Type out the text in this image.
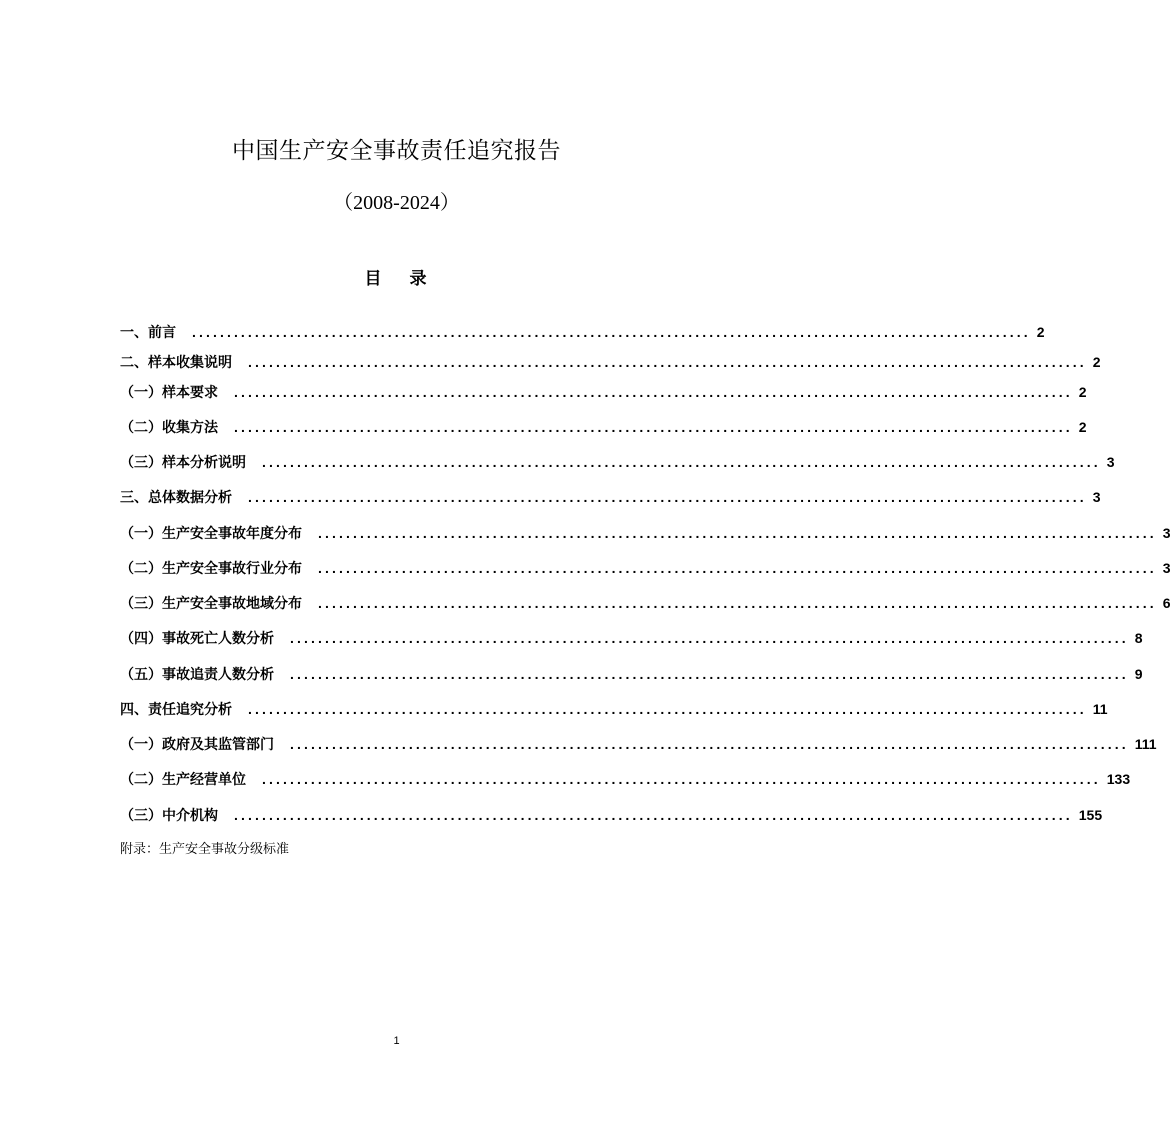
中国生产安全事故责任追究报告
（2008-2024）
目 录
一、前言 ........................................................................................................................ 2
二、样本收集说明 ........................................................................................................................ 2
（一）样本要求 ........................................................................................................................ 2
（二）收集方法 ........................................................................................................................ 2
（三）样本分析说明 ........................................................................................................................ 3
三、总体数据分析 ........................................................................................................................ 3
（一）生产安全事故年度分布 ........................................................................................................................ 3
（二）生产安全事故行业分布 ........................................................................................................................ 3
（三）生产安全事故地域分布 ........................................................................................................................ 6
（四）事故死亡人数分析 ........................................................................................................................ 8
（五）事故追责人数分析 ........................................................................................................................ 9
四、责任追究分析 ........................................................................................................................ 11
（一）政府及其监管部门 ........................................................................................................................ 111
（二）生产经营单位 ........................................................................................................................ 133
（三）中介机构 ........................................................................................................................ 155
附录：生产安全事故分级标准
1
